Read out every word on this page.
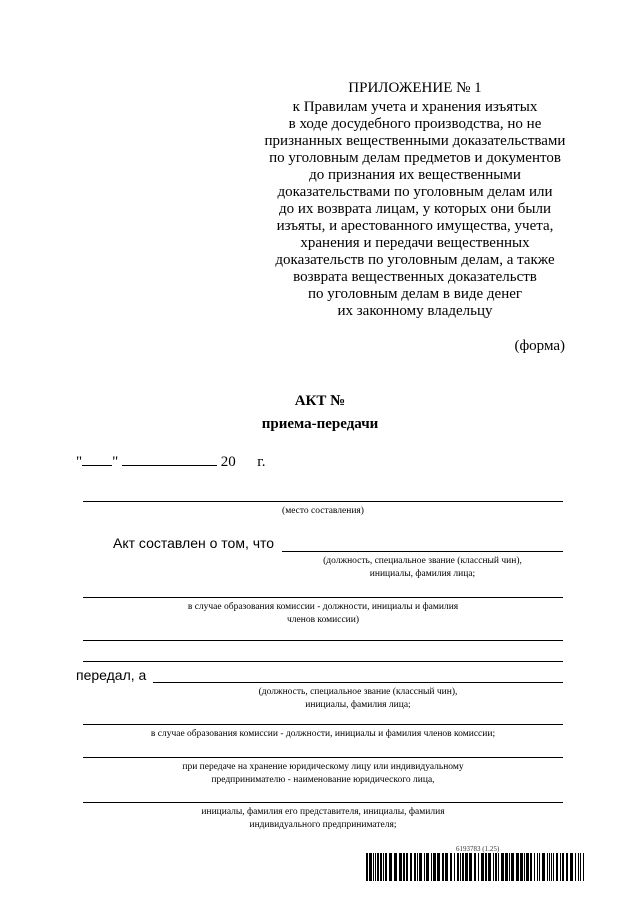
ПРИЛОЖЕНИЕ № 1
к Правилам учета и хранения изъятых
в ходе досудебного производства, но не
признанных вещественными доказательствами
по уголовным делам предметов и документов
до признания их вещественными
доказательствами по уголовным делам или
до их возврата лицам, у которых они были
изъяты, и арестованного имущества, учета,
хранения и передачи вещественных
доказательств по уголовным делам, а также
возврата вещественных доказательств
по уголовным делам в виде денег
их законному владельцу
(форма)
АКТ №
приема-передачи
" "	20 г.
(место составления)
Акт составлен о том, что
(должность, специальное звание (классный чин),
инициалы, фамилия лица;
в случае образования комиссии - должности, инициалы и фамилия
членов комиссии)
передал, а
(должность, специальное звание (классный чин),
инициалы, фамилия лица;
в случае образования комиссии - должности, инициалы и фамилия членов комиссии;
при передаче на хранение юридическому лицу или индивидуальному
предпринимателю - наименование юридического лица,
инициалы, фамилия его представителя, инициалы, фамилия
индивидуального предпринимателя;
6193783 (1.25)
